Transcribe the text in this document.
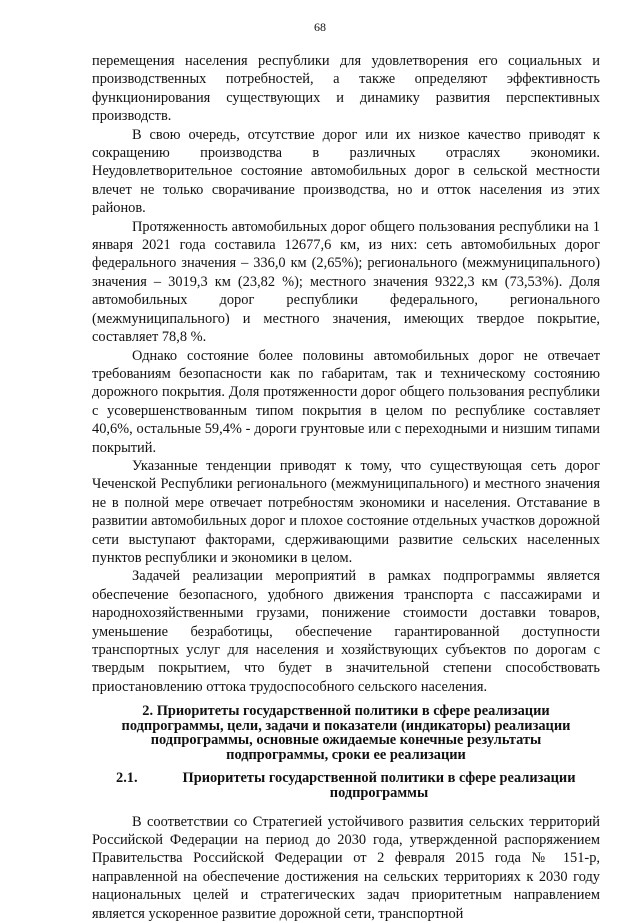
68

перемещения населения республики для удовлетворения его социальных и производственных потребностей, а также определяют эффективность функционирования существующих и динамику развития перспективных производств.

В свою очередь, отсутствие дорог или их низкое качество приводят к сокращению производства в различных отраслях экономики. Неудовлетворительное состояние автомобильных дорог в сельской местности влечет не только сворачивание производства, но и отток населения из этих районов.

Протяженность автомобильных дорог общего пользования республики на 1 января 2021 года составила 12677,6 км, из них: сеть автомобильных дорог федерального значения – 336,0 км (2,65%); регионального (межмуниципального) значения – 3019,3 км (23,82 %); местного значения 9322,3 км (73,53%). Доля автомобильных дорог республики федерального, регионального (межмуниципального) и местного значения, имеющих твердое покрытие, составляет 78,8 %.

Однако состояние более половины автомобильных дорог не отвечает требованиям безопасности как по габаритам, так и техническому состоянию дорожного покрытия. Доля протяженности дорог общего пользования республики с усовершенствованным типом покрытия в целом по республике составляет 40,6%, остальные 59,4% - дороги грунтовые или с переходными и низшим типами покрытий.

Указанные тенденции приводят к тому, что существующая сеть дорог Чеченской Республики регионального (межмуниципального) и местного значения не в полной мере отвечает потребностям экономики и населения. Отставание в развитии автомобильных дорог и плохое состояние отдельных участков дорожной сети выступают факторами, сдерживающими развитие сельских населенных пунктов республики и экономики в целом.

Задачей реализации мероприятий в рамках подпрограммы является обеспечение безопасного, удобного движения транспорта с пассажирами и народнохозяйственными грузами, понижение стоимости доставки товаров, уменьшение безработицы, обеспечение гарантированной доступности транспортных услуг для населения и хозяйствующих субъектов по дорогам с твердым покрытием, что будет в значительной степени способствовать приостановлению оттока трудоспособного сельского населения.

2. Приоритеты государственной политики в сфере реализации подпрограммы, цели, задачи и показатели (индикаторы) реализации подпрограммы, основные ожидаемые конечные результаты подпрограммы, сроки ее реализации
2.1.	Приоритеты государственной политики в сфере реализации подпрограммы

В соответствии со Стратегией устойчивого развития сельских территорий Российской Федерации на период до 2030 года, утвержденной распоряжением Правительства Российской Федерации от 2 февраля 2015 года № 151-р, направленной на обеспечение достижения на сельских территориях к 2030 году национальных целей и стратегических задач приоритетным направлением является ускоренное развитие дорожной сети, транспортной
